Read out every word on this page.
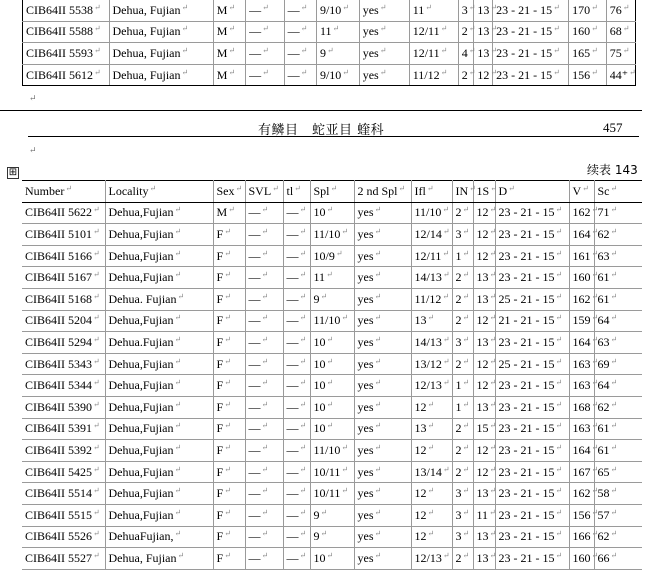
CIB64II 5538↵	Dehua, Fujian↵	M↵	—↵	—↵	9/10↵	yes↵	11↵	3↵	13↵	23 - 21 - 15↵	170↵	76↵
CIB64II 5588↵	Dehua, Fujian↵	M↵	—↵	—↵	11↵	yes↵	12/11↵	2↵	13↵	23 - 21 - 15↵	160↵	68↵
CIB64II 5593↵	Dehua, Fujian↵	M↵	—↵	—↵	9↵	yes↵	12/11↵	4↵	13↵	23 - 21 - 15↵	165↵	75↵
CIB64II 5612↵	Dehua, Fujian↵	M↵	—↵	—↵	9/10↵	yes↵	11/12↵	2↵	12↵	23 - 21 - 15↵	156↵	44⁺↵
↵
有鳞目　蛇亚目 蝰科	457
↵
⊞	续表 143
Number↵	Locality↵	Sex↵	SVL↵	tl↵	Spl↵	2 nd Spl↵	Ifl↵	IN↵	1S↵	D↵	V↵	Sc↵
CIB64II 5622↵	Dehua,Fujian↵	M↵	—↵	—↵	10↵	yes↵	11/10↵	2↵	12↵	23 - 21 - 15↵	162↵	71↵
CIB64II 5101↵	Dehua,Fujian↵	F↵	—↵	—↵	11/10↵	yes↵	12/14↵	3↵	12↵	23 - 21 - 15↵	164↵	62↵
CIB64II 5166↵	Dehua,Fujian↵	F↵	—↵	—↵	10/9↵	yes↵	12/11↵	1↵	12↵	23 - 21 - 15↵	161↵	63↵
CIB64II 5167↵	Dehua,Fujian↵	F↵	—↵	—↵	11↵	yes↵	14/13↵	2↵	13↵	23 - 21 - 15↵	160↵	61↵
CIB64II 5168↵	Dehua. Fujian↵	F↵	—↵	—↵	9↵	yes↵	11/12↵	2↵	13↵	25 - 21 - 15↵	162↵	61↵
CIB64II 5204↵	Dehua,Fujian↵	F↵	—↵	—↵	11/10↵	yes↵	13↵	2↵	12↵	21 - 21 - 15↵	159↵	64↵
CIB64II 5294↵	Dehua.Fujian↵	F↵	—↵	—↵	10↵	yes↵	14/13↵	3↵	13↵	23 - 21 - 15↵	164↵	63↵
CIB64II 5343↵	Dehua,Fujian↵	F↵	—↵	—↵	10↵	yes↵	13/12↵	2↵	12↵	25 - 21 - 15↵	163↵	69↵
CIB64II 5344↵	Dehua,Fujian↵	F↵	—↵	—↵	10↵	yes↵	12/13↵	1↵	12↵	23 - 21 - 15↵	163↵	64↵
CIB64II 5390↵	Dehua,Fujian↵	F↵	—↵	—↵	10↵	yes↵	12↵	1↵	13↵	23 - 21 - 15↵	168↵	62↵
CIB64II 5391↵	Dehua,Fujian↵	F↵	—↵	—↵	10↵	yes↵	13↵	2↵	15↵	23 - 21 - 15↵	163↵	61↵
CIB64II 5392↵	Dehua,Fujian↵	F↵	—↵	—↵	11/10↵	yes↵	12↵	2↵	12↵	23 - 21 - 15↵	164↵	61↵
CIB64II 5425↵	Dehua,Fujian↵	F↵	—↵	—↵	10/11↵	yes↵	13/14↵	2↵	12↵	23 - 21 - 15↵	167↵	65↵
CIB64II 5514↵	Dehua,Fujian↵	F↵	—↵	—↵	10/11↵	yes↵	12↵	3↵	13↵	23 - 21 - 15↵	162↵	58↵
CIB64II 5515↵	Dehua,Fujian↵	F↵	—↵	—↵	9↵	yes↵	12↵	3↵	11↵	23 - 21 - 15↵	156↵	57↵
CIB64II 5526↵	DehuaFujian,↵	F↵	—↵	—↵	9↵	yes↵	12↵	3↵	13↵	23 - 21 - 15↵	166↵	62↵
CIB64II 5527↵	Dehua, Fujian↵	F↵	—↵	—↵	10↵	yes↵	12/13↵	2↵	13↵	23 - 21 - 15↵	160↵	66↵
